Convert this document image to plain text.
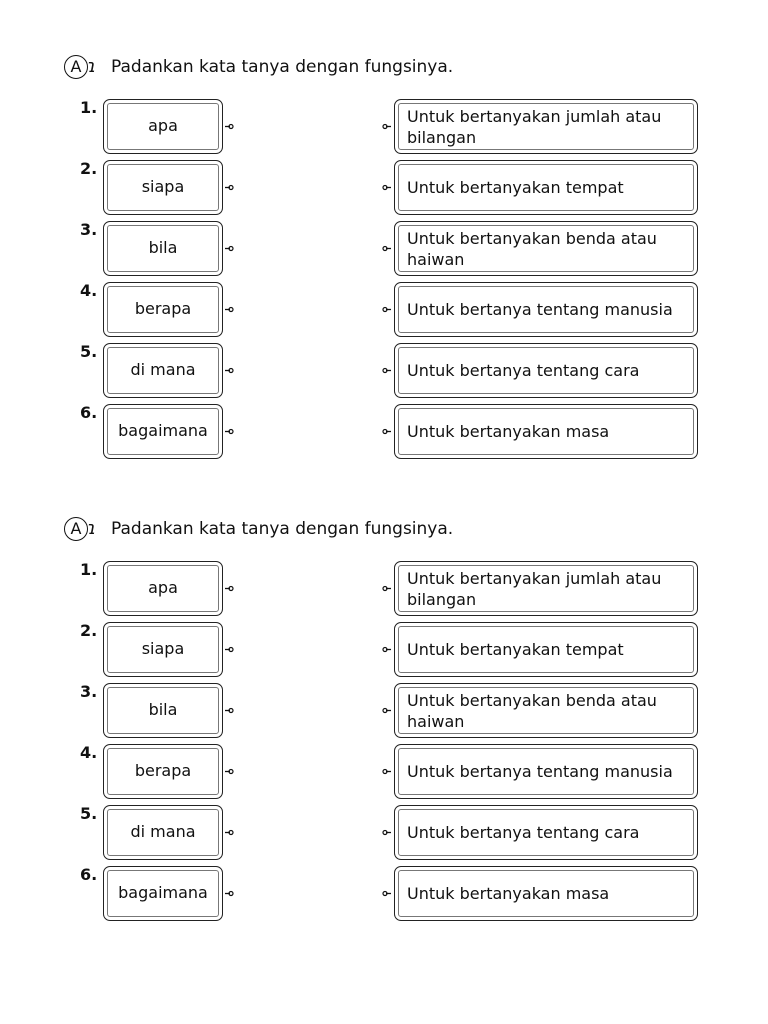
A ɿ Padankan kata tanya dengan fungsinya.
1.
apa	Untuk bertanyakan jumlah atau bilangan
2.
siapa	Untuk bertanyakan tempat
3.
bila	Untuk bertanyakan benda atau haiwan
4.
berapa	Untuk bertanya tentang manusia
5.
di mana	Untuk bertanya tentang cara
6.
bagaimana	Untuk bertanyakan masa
A ɿ Padankan kata tanya dengan fungsinya.
1.
apa	Untuk bertanyakan jumlah atau bilangan
2.
siapa	Untuk bertanyakan tempat
3.
bila	Untuk bertanyakan benda atau haiwan
4.
berapa	Untuk bertanya tentang manusia
5.
di mana	Untuk bertanya tentang cara
6.
bagaimana	Untuk bertanyakan masa
